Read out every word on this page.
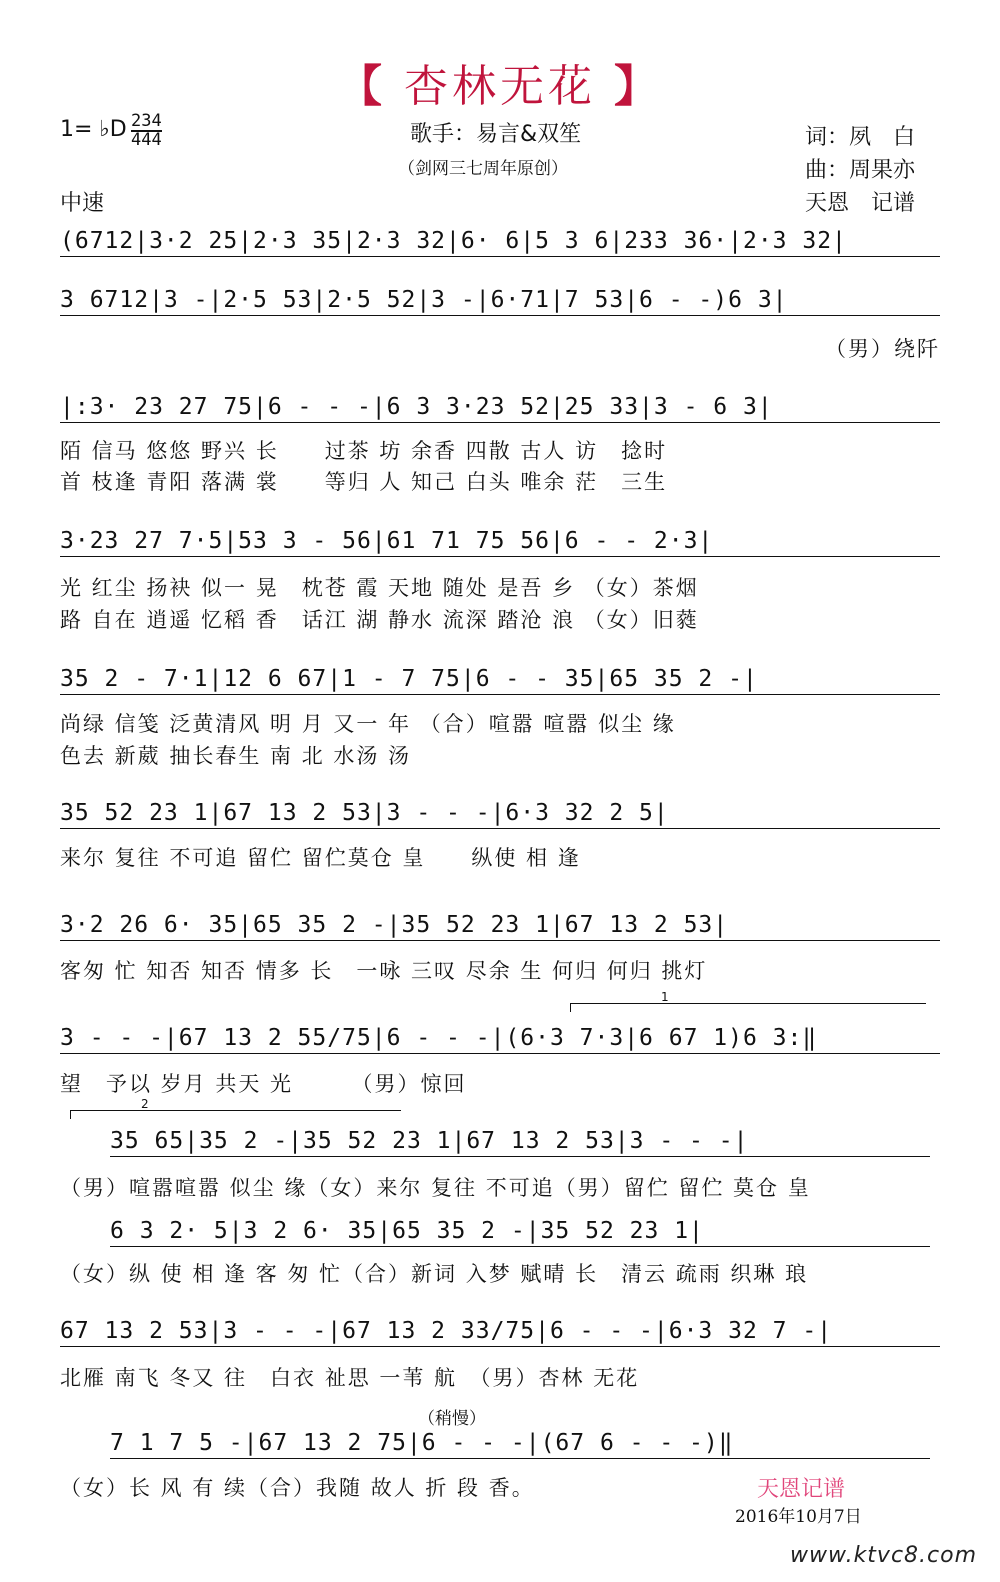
【 杏林无花 】
1= ♭D 234
444	歌手：易言&双笙
（剑网三七周年原创）
词：夙　白
曲：周果亦
天恩　记谱
中速
(6712|3·2 25|2·3 35|2·3 32|6· 6|5 3 6|233 36·|2·3 32|
3 6712|3 -|2·5 53|2·5 52|3 -|6·71|7 53|6 - -)6 3|
（男）绕阡
|:3· 23 27 75|6 - - -|6 3 3·23 52|25 33|3 - 6 3|
陌 信马 悠悠 野兴 长　　过茶 坊 余香 四散 古人 访　捻时
首 枝逢 青阳 落满 裳　　等归 人 知己 白头 唯余 茫　三生
3·23 27 7·5|53 3 - 56|61 71 75 56|6 - - 2·3|
光 红尘 扬袂 似一 晃　枕苍 霞 天地 随处 是吾 乡 （女）茶烟
路 自在 逍遥 忆稻 香　话江 湖 静水 流深 踏沧 浪 （女）旧蕤
35 2 - 7·1|12 6 67|1 - 7 75|6 - - 35|65 35 2 -|
尚绿 信笺 泛黄清风 明 月 又一 年 （合）喧嚣 喧嚣 似尘 缘
色去 新葳 抽长春生 南 北 水汤 汤
35 52 23 1|67 13 2 53|3 - - -|6·3 32 2 5|
来尔 复往 不可追 留伫 留伫莫仓 皇　　纵使 相 逢
3·2 26 6· 35|65 35 2 -|35 52 23 1|67 13 2 53|
客匆 忙 知否 知否 情多 长　一咏 三叹 尽余 生 何归 何归 挑灯
1
3 - - -|67 13 2 55/75|6 - - -|(6·3 7·3|6 67 1)6 3:‖
望　予以 岁月 共天 光　　　（男）惊回
2
35 65|35 2 -|35 52 23 1|67 13 2 53|3 - - -|
（男）喧嚣喧嚣 似尘 缘（女）来尔 复往 不可追（男）留伫 留伫 莫仓 皇
6 3 2· 5|3 2 6· 35|65 35 2 -|35 52 23 1|
（女）纵 使 相 逢 客 匆 忙（合）新词 入梦 赋晴 长　清云 疏雨 织琳 琅
67 13 2 53|3 - - -|67 13 2 33/75|6 - - -|6·3 32 7 -|
北雁 南飞 冬又 往　白衣 祉思 一苇 航　（男）杏林 无花
（稍慢）
7 1 7 5 -|67 13 2 75|6 - - -|(67 6 - - -)‖
（女）长 风 有 续（合）我随 故人 折 段 香。	天恩记谱
2016年10月7日
www.ktvc8.com
